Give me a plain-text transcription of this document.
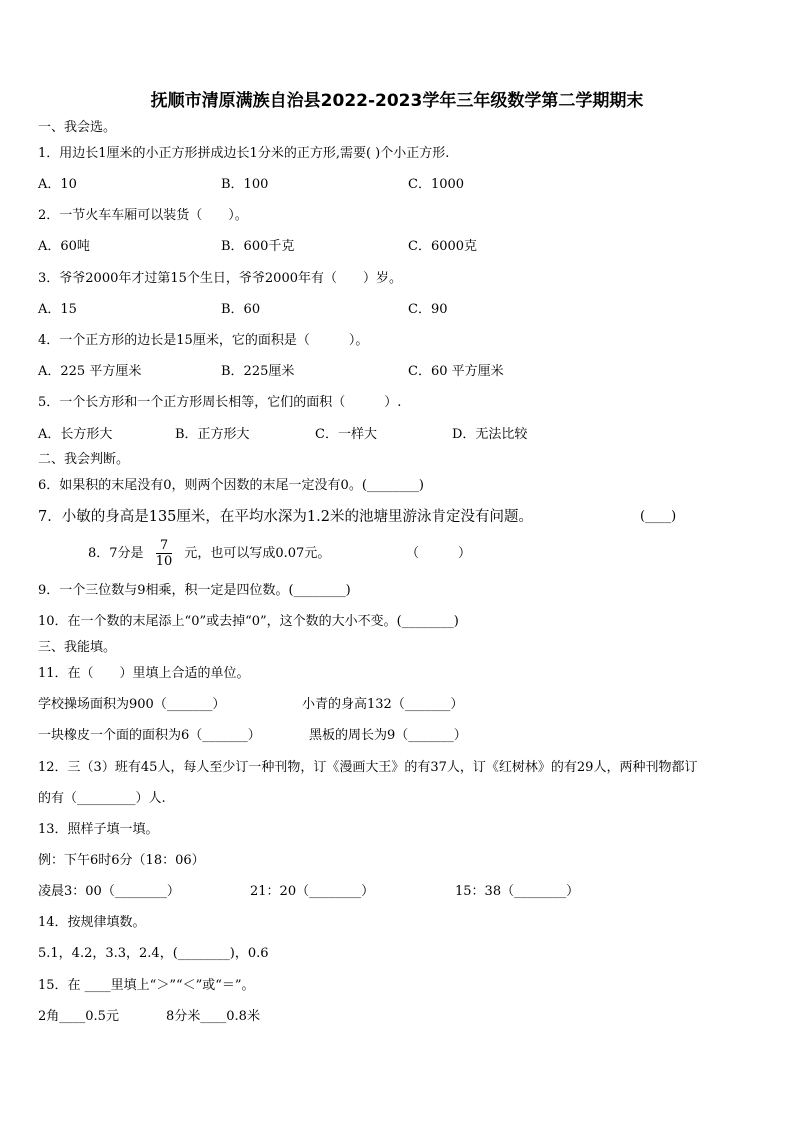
抚顺市清原满族自治县2022-2023学年三年级数学第二学期期末
一、我会选。
1．用边长1厘米的小正方形拼成边长1分米的正方形,需要( )个小正方形.
A．10	B．100	C．1000
2．一节火车车厢可以装货（　　）。
A．60吨	B．600千克	C．6000克
3．爷爷2000年才过第15个生日，爷爷2000年有（　　）岁。
A．15	B．60	C．90
4．一个正方形的边长是15厘米，它的面积是（　　　）。
A．225 平方厘米	B．225厘米	C．60 平方厘米
5．一个长方形和一个正方形周长相等，它们的面积（　　　）.
A．长方形大	B．正方形大	C．一样大	D．无法比较
二、我会判断。
6．如果积的末尾没有0，则两个因数的末尾一定没有0。(________)
7．小敏的身高是135厘米，在平均水深为1.2米的池塘里游泳肯定没有问题。	(____)
8．7分是 $\frac{7}{10}$ 元，也可以写成0.07元。	（　　　）
9．一个三位数与9相乘，积一定是四位数。(________)
10．在一个数的末尾添上“0”或去掉“0”，这个数的大小不变。(________)
三、我能填。
11．在（　　）里填上合适的单位。
学校操场面积为900（_______）	小青的身高132（_______）
一块橡皮一个面的面积为6（_______）	黑板的周长为9（_______）
12．三（3）班有45人，每人至少订一种刊物，订《漫画大王》的有37人，订《红树林》的有29人，两种刊物都订
的有（_________）人.
13．照样子填一填。
例：下午6时6分（18：06）
凌晨3：00（________）	21：20（________）	15：38（________）
14．按规律填数。
5.1，4.2，3.3，2.4，(________)，0.6
15．在 ____里填上“＞”“＜”或“＝”。
2角____0.5元	8分米____0.8米
